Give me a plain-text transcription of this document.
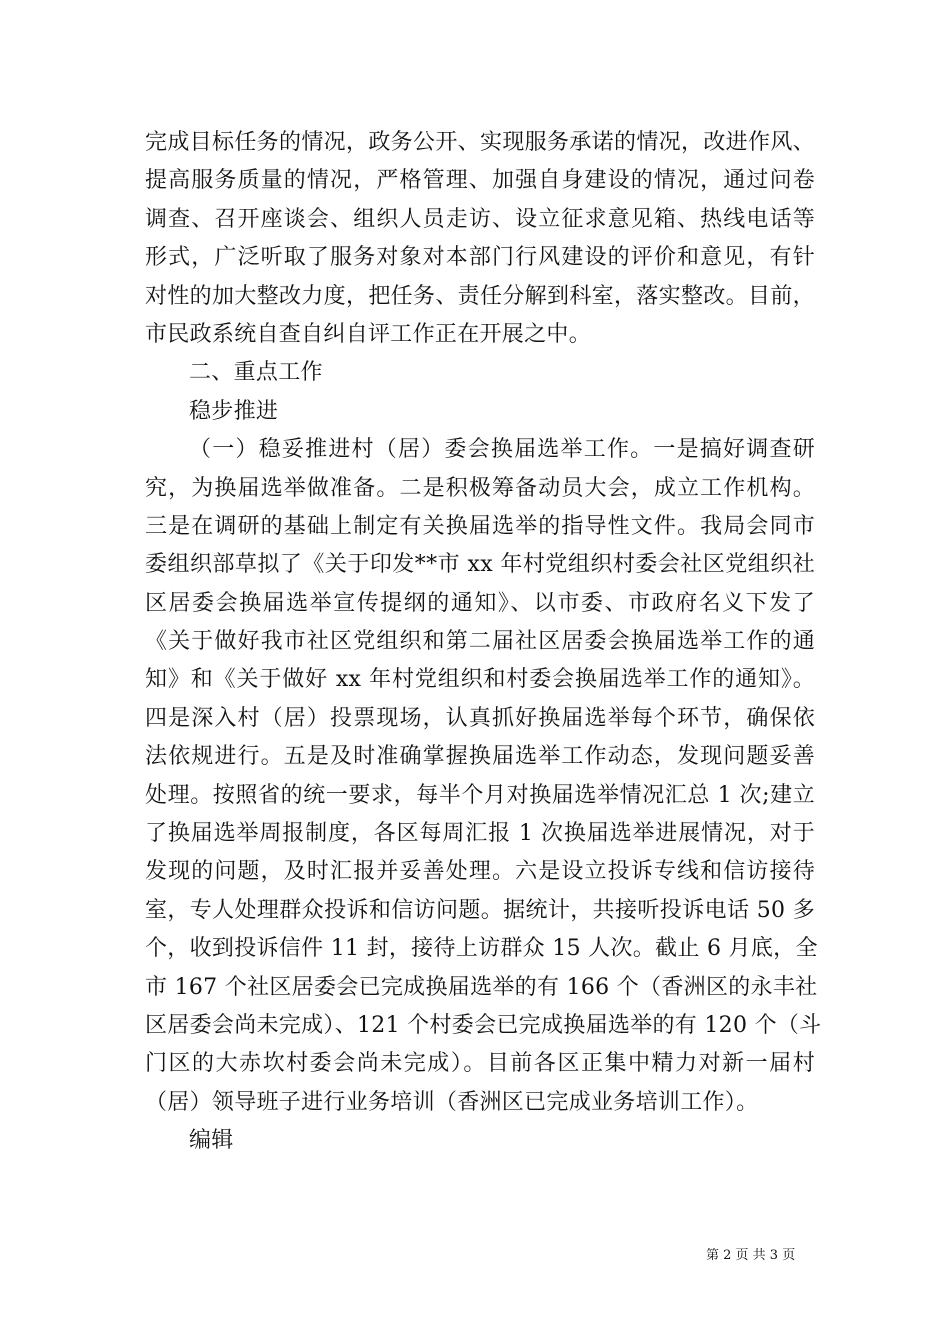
完成目标任务的情况，政务公开、实现服务承诺的情况，改进作风、
提高服务质量的情况，严格管理、加强自身建设的情况，通过问卷
调查、召开座谈会、组织人员走访、设立征求意见箱、热线电话等
形式，广泛听取了服务对象对本部门行风建设的评价和意见，有针
对性的加大整改力度，把任务、责任分解到科室，落实整改。目前，
市民政系统自查自纠自评工作正在开展之中。
二、重点工作
稳步推进
（一）稳妥推进村（居）委会换届选举工作。一是搞好调查研
究，为换届选举做准备。二是积极筹备动员大会，成立工作机构。
三是在调研的基础上制定有关换届选举的指导性文件。我局会同市
委组织部草拟了《关于印发**市 xx 年村党组织村委会社区党组织社
区居委会换届选举宣传提纲的通知》、以市委、市政府名义下发了
《关于做好我市社区党组织和第二届社区居委会换届选举工作的通
知》和《关于做好 xx 年村党组织和村委会换届选举工作的通知》。
四是深入村（居）投票现场，认真抓好换届选举每个环节，确保依
法依规进行。五是及时准确掌握换届选举工作动态，发现问题妥善
处理。按照省的统一要求，每半个月对换届选举情况汇总 1 次;建立
了换届选举周报制度，各区每周汇报 1 次换届选举进展情况，对于
发现的问题，及时汇报并妥善处理。六是设立投诉专线和信访接待
室，专人处理群众投诉和信访问题。据统计，共接听投诉电话 50 多
个，收到投诉信件 11 封，接待上访群众 15 人次。截止 6 月底，全
市 167 个社区居委会已完成换届选举的有 166 个（香洲区的永丰社
区居委会尚未完成）、121 个村委会已完成换届选举的有 120 个（斗
门区的大赤坎村委会尚未完成）。目前各区正集中精力对新一届村
（居）领导班子进行业务培训（香洲区已完成业务培训工作）。
编辑
第 2 页 共 3 页
